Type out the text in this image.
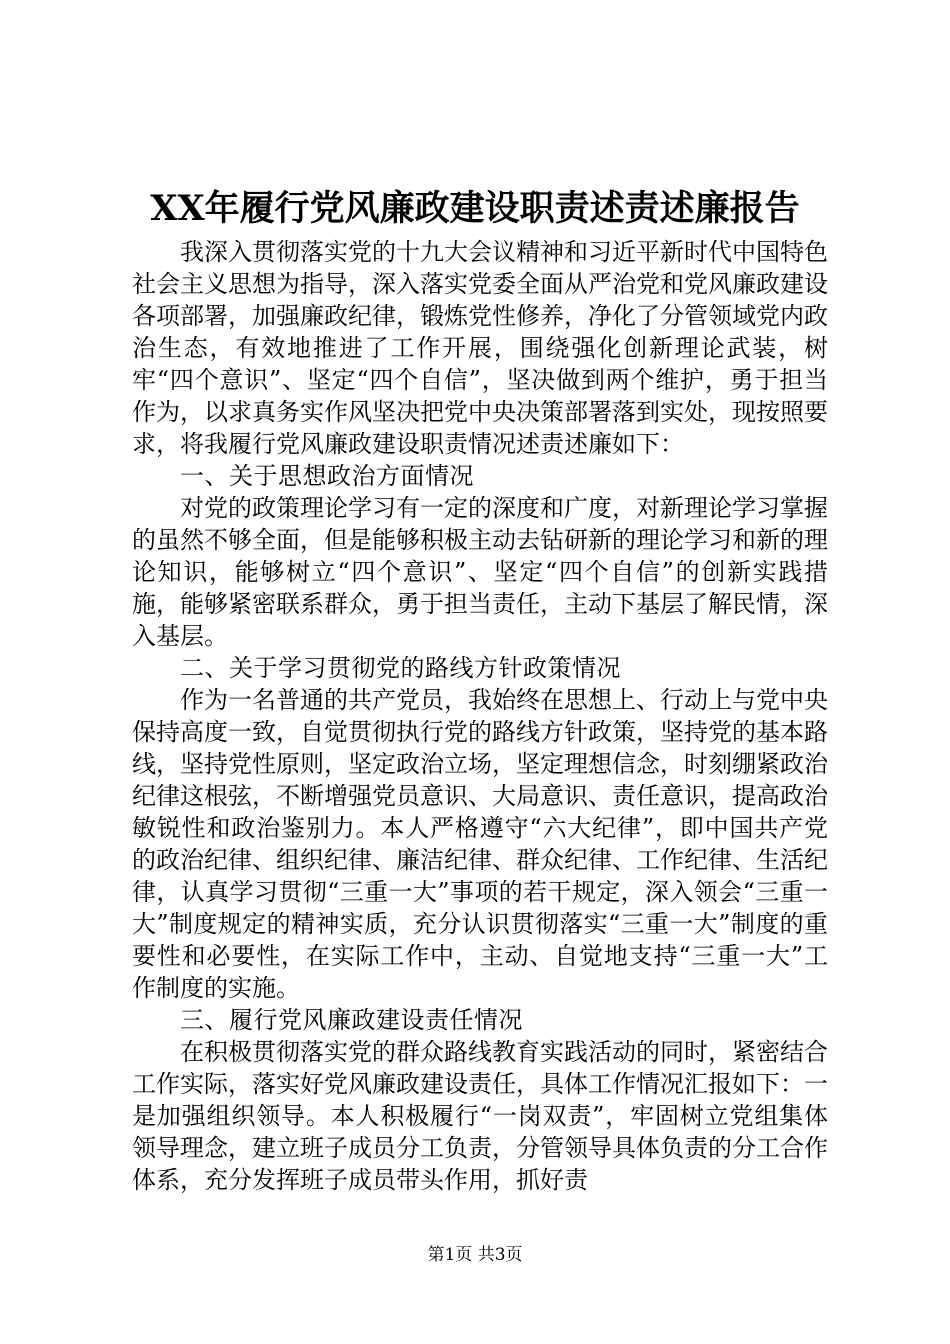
XX年履行党风廉政建设职责述责述廉报告

我深入贯彻落实党的十九大会议精神和习近平新时代中国特色社会主义思想为指导，深入落实党委全面从严治党和党风廉政建设各项部署，加强廉政纪律，锻炼党性修养，净化了分管领域党内政治生态，有效地推进了工作开展，围绕强化创新理论武装，树牢“四个意识”、坚定“四个自信”，坚决做到两个维护，勇于担当作为，以求真务实作风坚决把党中央决策部署落到实处，现按照要求，将我履行党风廉政建设职责情况述责述廉如下：

一、关于思想政治方面情况

对党的政策理论学习有一定的深度和广度，对新理论学习掌握的虽然不够全面，但是能够积极主动去钻研新的理论学习和新的理论知识，能够树立“四个意识”、坚定“四个自信”的创新实践措施，能够紧密联系群众，勇于担当责任，主动下基层了解民情，深入基层。

二、关于学习贯彻党的路线方针政策情况

作为一名普通的共产党员，我始终在思想上、行动上与党中央保持高度一致，自觉贯彻执行党的路线方针政策，坚持党的基本路线，坚持党性原则，坚定政治立场，坚定理想信念，时刻绷紧政治纪律这根弦，不断增强党员意识、大局意识、责任意识，提高政治敏锐性和政治鉴别力。本人严格遵守“六大纪律”，即中国共产党的政治纪律、组织纪律、廉洁纪律、群众纪律、工作纪律、生活纪律，认真学习贯彻“三重一大”事项的若干规定，深入领会“三重一大”制度规定的精神实质，充分认识贯彻落实“三重一大”制度的重要性和必要性，在实际工作中，主动、自觉地支持“三重一大”工作制度的实施。

三、履行党风廉政建设责任情况

在积极贯彻落实党的群众路线教育实践活动的同时，紧密结合工作实际，落实好党风廉政建设责任，具体工作情况汇报如下：一是加强组织领导。本人积极履行“一岗双责”，牢固树立党组集体领导理念，建立班子成员分工负责，分管领导具体负责的分工合作体系，充分发挥班子成员带头作用，抓好责

第1页 共3页
